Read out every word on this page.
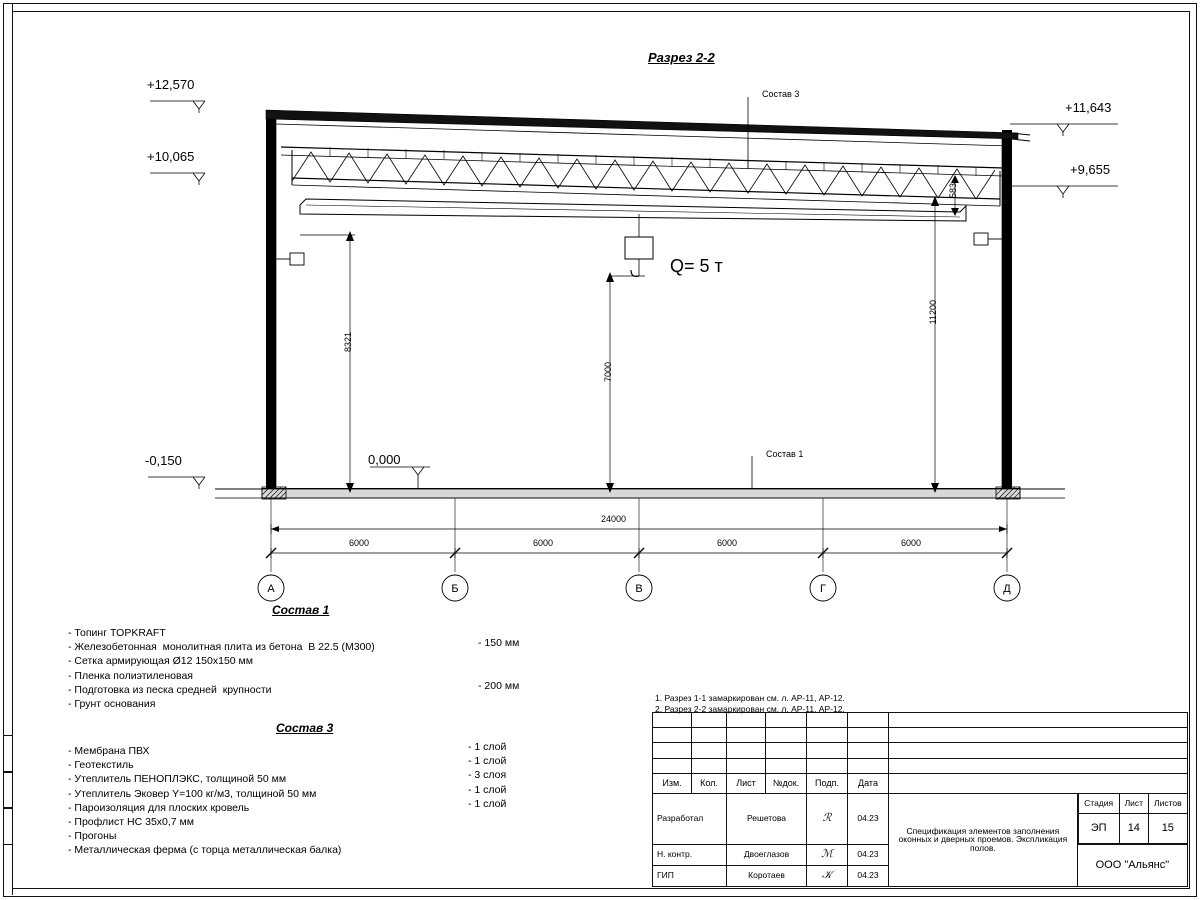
А	Б	В	Г	Д
Разрез 2-2
+12,570
+10,065
-0,150
+11,643
+9,655
0,000
Состав 3
Состав 1
Q= 5 т
583
8321
7000
11200
24000
6000	6000	6000	6000
Состав 1
- Топинг TOPKRAFT
- Железобетонная  монолитная плита из бетона  В 22.5 (М300)	- 150 мм
- Сетка армирующая Ø12 150х150 мм
- Пленка полиэтиленовая
- Подготовка из песка средней  крупности	- 200 мм
- Грунт основания
Состав 3
- Мембрана ПВХ	- 1 слой
- Геотекстиль	- 1 слой
- Утеплитель ПЕНОПЛЭКС, толщиной 50 мм	- 3 слоя
- Утеплитель Эковер Y=100 кг/м3, толщиной 50 мм	- 1 слой
- Пароизоляция для плоских кровель	- 1 слой
- Профлист НС 35х0,7 мм
- Прогоны
- Металлическая ферма (с торца металлическая балка)
1. Разрез 1-1 замаркирован см. л. АР-11, АР-12.
2. Разрез 2-2 замаркирован см. л. АР-11, АР-12.

Изм.	Кол.	Лист	№док.	Подп.	Дата	
Разработал	Решетова	ℛ	04.23	Спецификация элементов заполнения оконных и дверных проемов. Экспликация полов.	
Стадия	Лист	Листов
ЭП	14	15

Н. контр.	Двоеглазов	ℳ	04.23	ООО "Альянс"
ГИП	Коротаев	𝒦	04.23
